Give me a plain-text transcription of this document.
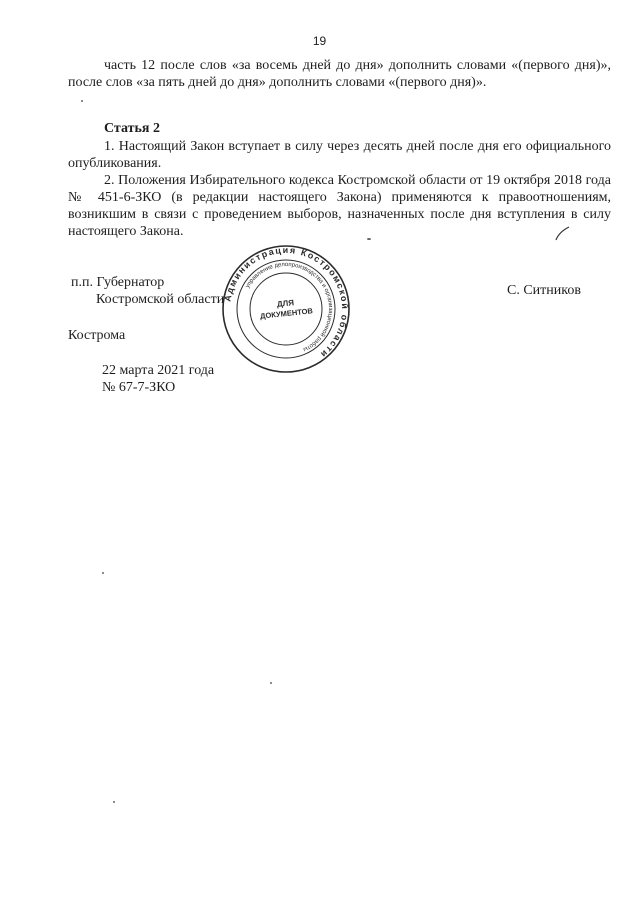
19
часть 12 после слов «за восемь дней до дня» дополнить словами «(первого дня)», после слов «за пять дней до дня» дополнить словами «(первого дня)».
Статья 2

1. Настоящий Закон вступает в силу через десять дней после дня его официального опубликования.

2. Положения Избирательного кодекса Костромской области от 19 октября 2018 года № 451-6-ЗКО (в редакции настоящего Закона) применяются к правоотношениям, возникшим в связи с проведением выборов, назначенных после дня вступления в силу настоящего Закона.

п.п. Губернатор
Костромской области
С. Ситников
Администрация Костромской области
управление делопроизводства и организационной работы
ДЛЯ
ДОКУМЕНТОВ
Кострома
22 марта 2021 года
№ 67-7-ЗКО
